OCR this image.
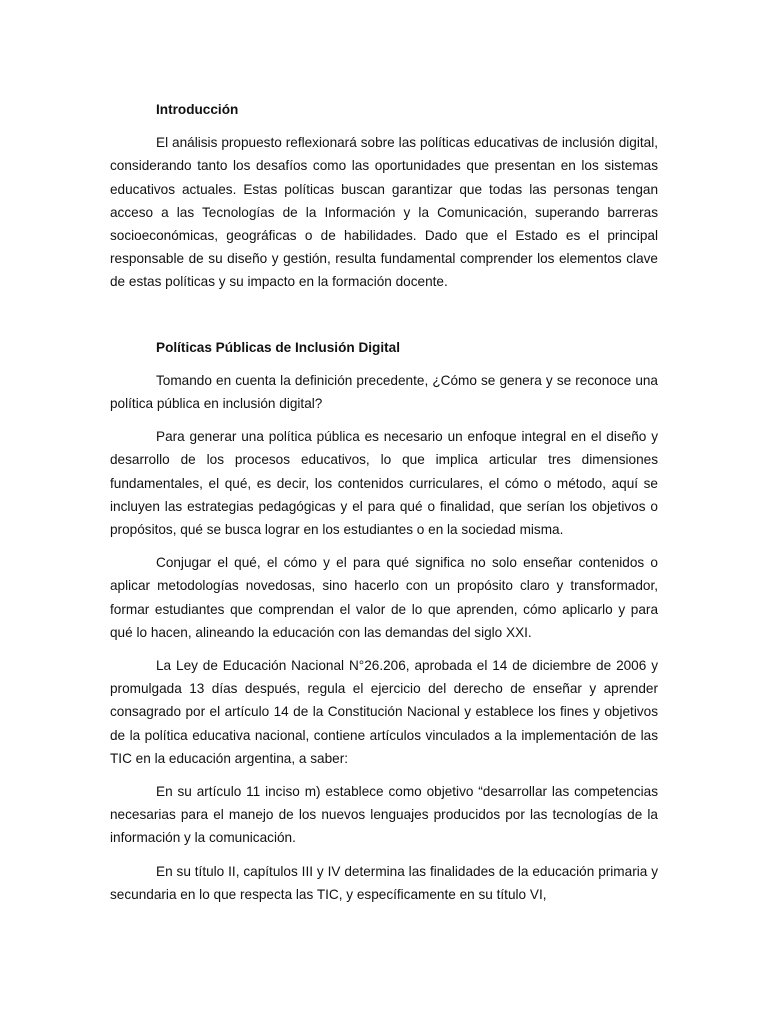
Introducción

El análisis propuesto reflexionará sobre las políticas educativas de inclusión digital, considerando tanto los desafíos como las oportunidades que presentan en los sistemas educativos actuales. Estas políticas buscan garantizar que todas las personas tengan acceso a las Tecnologías de la Información y la Comunicación, superando barreras socioeconómicas, geográficas o de habilidades. Dado que el Estado es el principal responsable de su diseño y gestión, resulta fundamental comprender los elementos clave de estas políticas y su impacto en la formación docente.

Políticas Públicas de Inclusión Digital

Tomando en cuenta la definición precedente, ¿Cómo se genera y se reconoce una política pública en inclusión digital?

Para generar una política pública es necesario un enfoque integral en el diseño y desarrollo de los procesos educativos, lo que implica articular tres dimensiones fundamentales, el qué, es decir, los contenidos curriculares, el cómo o método, aquí se incluyen las estrategias pedagógicas y el para qué o finalidad, que serían los objetivos o propósitos, qué se busca lograr en los estudiantes o en la sociedad misma.

Conjugar el qué, el cómo y el para qué significa no solo enseñar contenidos o aplicar metodologías novedosas, sino hacerlo con un propósito claro y transformador, formar estudiantes que comprendan el valor de lo que aprenden, cómo aplicarlo y para qué lo hacen, alineando la educación con las demandas del siglo XXI.

La Ley de Educación Nacional N°26.206, aprobada el 14 de diciembre de 2006 y promulgada 13 días después, regula el ejercicio del derecho de enseñar y aprender consagrado por el artículo 14 de la Constitución Nacional y establece los fines y objetivos de la política educativa nacional, contiene artículos vinculados a la implementación de las TIC en la educación argentina, a saber:

En su artículo 11 inciso m) establece como objetivo “desarrollar las competencias necesarias para el manejo de los nuevos lenguajes producidos por las tecnologías de la información y la comunicación.

En su título II, capítulos III y IV determina las finalidades de la educación primaria y secundaria en lo que respecta las TIC, y específicamente en su título VI,
